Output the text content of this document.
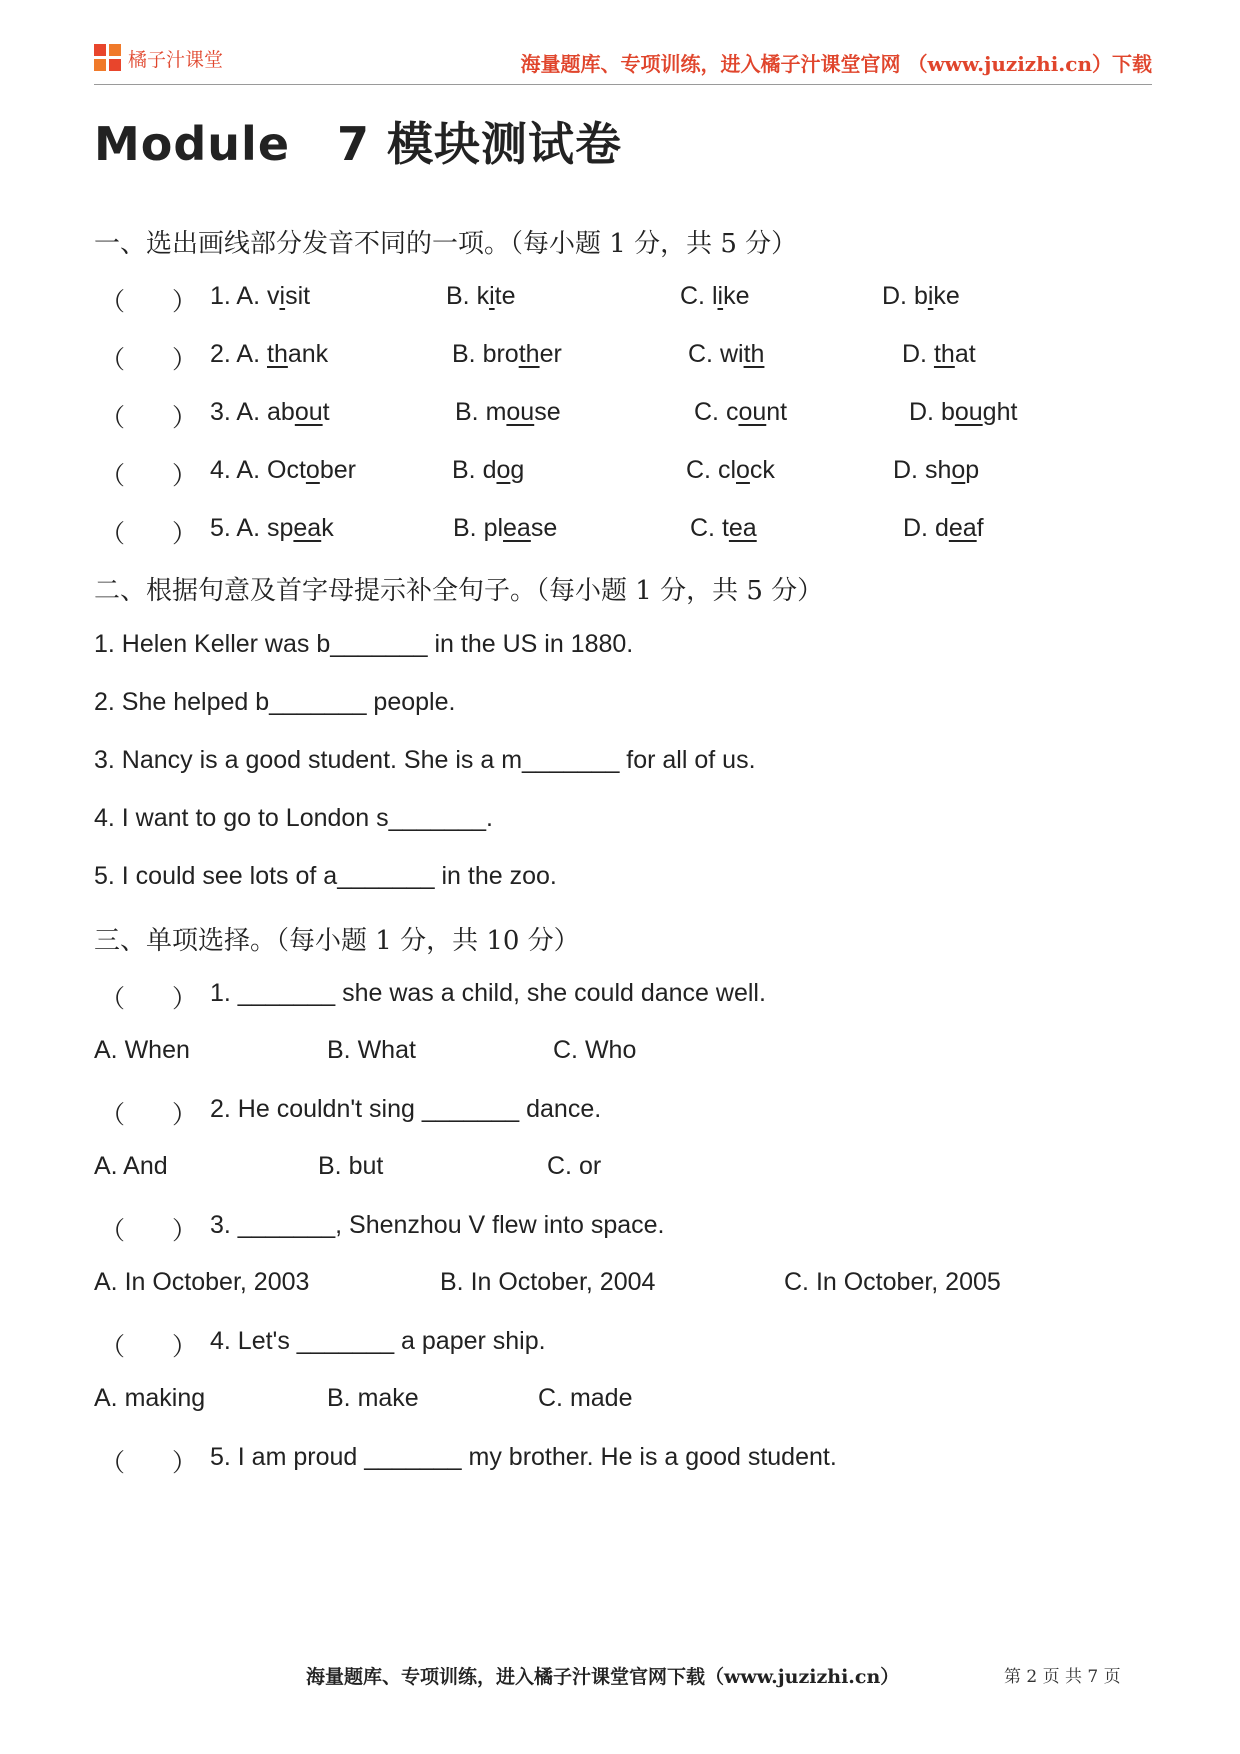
橘子汁课堂	海量题库、专项训练，进入橘子汁课堂官网 （www.juzizhi.cn）下载
Module　7 模块测试卷
一、选出画线部分发音不同的一项。（每小题 1 分，共 5 分）
（ ） 1. A. visit	B. kite	C. like	D. bike
（ ） 2. A. thank	B. brother	C. with	D. that
（ ） 3. A. about	B. mouse	C. count	D. bought
（ ） 4. A. October	B. dog	C. clock	D. shop
（ ） 5. A. speak	B. please	C. tea	D. deaf
二、根据句意及首字母提示补全句子。（每小题 1 分，共 5 分）
1. Helen Keller was b_______ in the US in 1880.
2. She helped b_______ people.
3. Nancy is a good student. She is a m_______ for all of us.
4. I want to go to London s_______.
5. I could see lots of a_______ in the zoo.
三、单项选择。（每小题 1 分，共 10 分）
（ ） 1. _______ she was a child, she could dance well.
A. When	B. What	C. Who
（ ） 2. He couldn't sing _______ dance.
A. And	B. but	C. or
（ ） 3. _______, Shenzhou V flew into space.
A. In October, 2003	B. In October, 2004	C. In October, 2005
（ ） 4. Let's _______ a paper ship.
A. making	B. make	C. made
（ ） 5. I am proud _______ my brother. He is a good student.
海量题库、专项训练，进入橘子汁课堂官网下载（www.juzizhi.cn）	第 2 页 共 7 页
